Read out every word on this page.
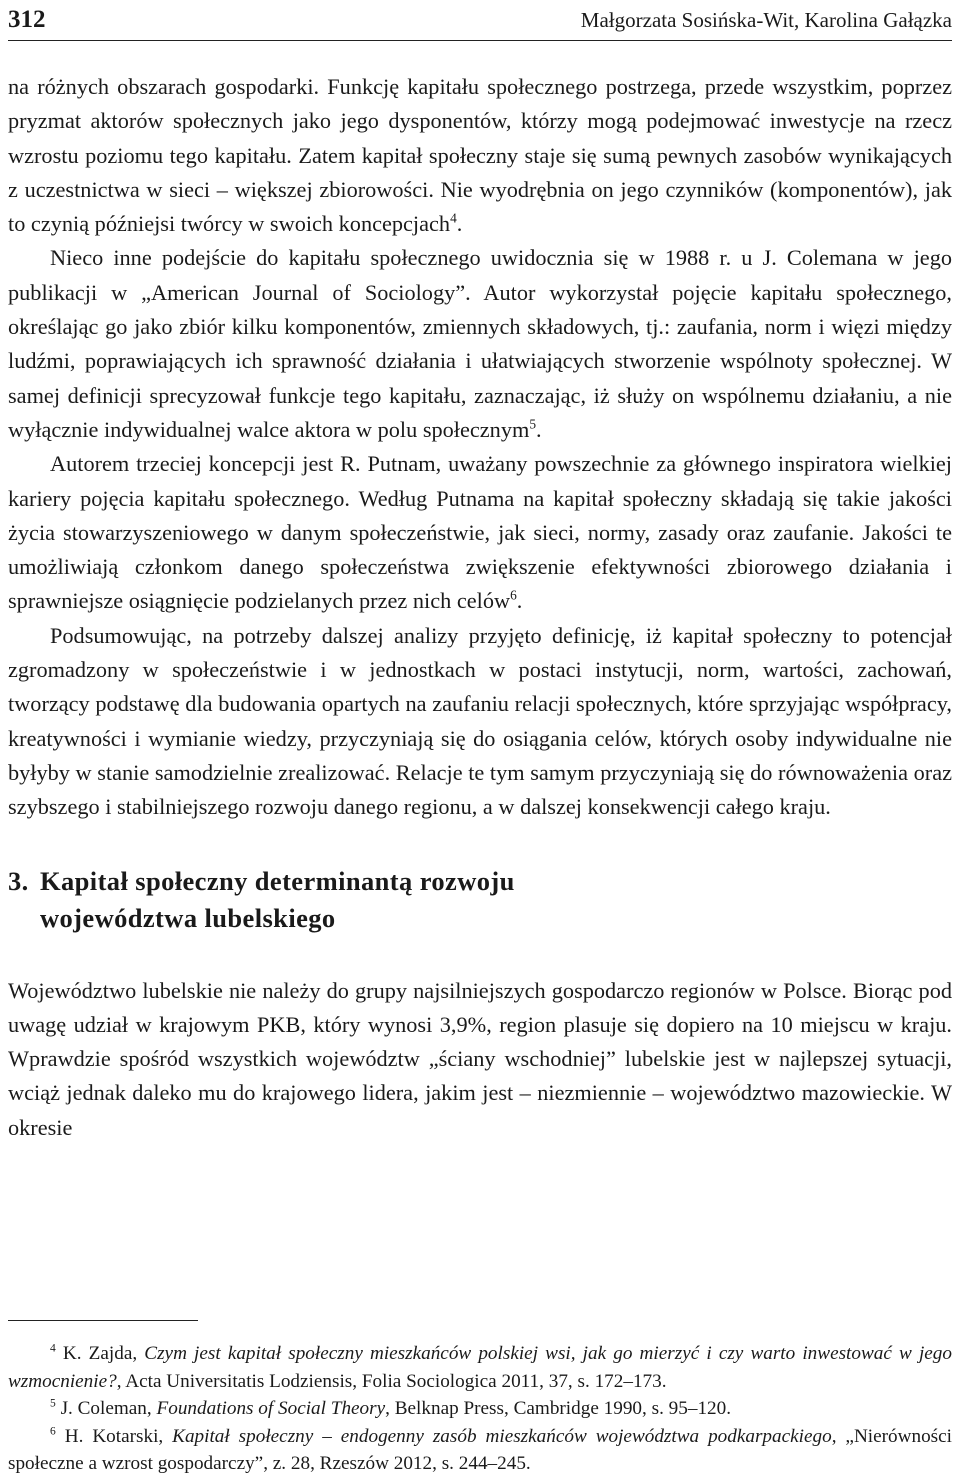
312	Małgorzata Sosińska-Wit, Karolina Gałązka

na różnych obszarach gospodarki. Funkcję kapitału społecznego postrzega, przede wszystkim, poprzez pryzmat aktorów społecznych jako jego dysponentów, którzy mogą podejmować inwestycje na rzecz wzrostu poziomu tego kapitału. Zatem kapitał społeczny staje się sumą pewnych zasobów wynikających z uczestnictwa w sieci – większej zbiorowości. Nie wyodrębnia on jego czynników (komponentów), jak to czynią późniejsi twórcy w swoich koncepcjach$^4$.

Nieco inne podejście do kapitału społecznego uwidocznia się w 1988 r. u J. Colemana w jego publikacji w „American Journal of Sociology”. Autor wykorzystał pojęcie kapitału społecznego, określając go jako zbiór kilku komponentów, zmiennych składowych, tj.: zaufania, norm i więzi między ludźmi, poprawiających ich sprawność działania i ułatwiających stworzenie wspólnoty społecznej. W samej definicji sprecyzował funkcje tego kapitału, zaznaczając, iż służy on wspólnemu działaniu, a nie wyłącznie indywidualnej walce aktora w polu społecznym$^5$.

Autorem trzeciej koncepcji jest R. Putnam, uważany powszechnie za głównego inspiratora wielkiej kariery pojęcia kapitału społecznego. Według Putnama na kapitał społeczny składają się takie jakości życia stowarzyszeniowego w danym społeczeństwie, jak sieci, normy, zasady oraz zaufanie. Jakości te umożliwiają członkom danego społeczeństwa zwiększenie efektywności zbiorowego działania i sprawniejsze osiągnięcie podzielanych przez nich celów$^6$.

Podsumowując, na potrzeby dalszej analizy przyjęto definicję, iż kapitał społeczny to potencjał zgromadzony w społeczeństwie i w jednostkach w postaci instytucji, norm, wartości, zachowań, tworzący podstawę dla budowania opartych na zaufaniu relacji społecznych, które sprzyjając współpracy, kreatywności i wymianie wiedzy, przyczyniają się do osiągania celów, których osoby indywidualne nie byłyby w stanie samodzielnie zrealizować. Relacje te tym samym przyczyniają się do równoważenia oraz szybszego i stabilniejszego rozwoju danego regionu, a w dalszej konsekwencji całego kraju.

3. Kapitał społeczny determinantą rozwoju
województwa lubelskiego

Województwo lubelskie nie należy do grupy najsilniejszych gospodarczo regionów w Polsce. Biorąc pod uwagę udział w krajowym PKB, który wynosi 3,9%, region plasuje się dopiero na 10 miejscu w kraju. Wprawdzie spośród wszystkich województw „ściany wschodniej” lubelskie jest w najlepszej sytuacji, wciąż jednak daleko mu do krajowego lidera, jakim jest – niezmiennie – województwo mazowieckie. W okresie

$^4$ K. Zajda, Czym jest kapitał społeczny mieszkańców polskiej wsi, jak go mierzyć i czy warto inwestować w jego wzmocnienie?, Acta Universitatis Lodziensis, Folia Sociologica 2011, 37, s. 172–173.

$^5$ J. Coleman, Foundations of Social Theory, Belknap Press, Cambridge 1990, s. 95–120.

$^6$ H. Kotarski, Kapitał społeczny – endogenny zasób mieszkańców województwa podkarpackiego, „Nierówności społeczne a wzrost gospodarczy”, z. 28, Rzeszów 2012, s. 244–245.
